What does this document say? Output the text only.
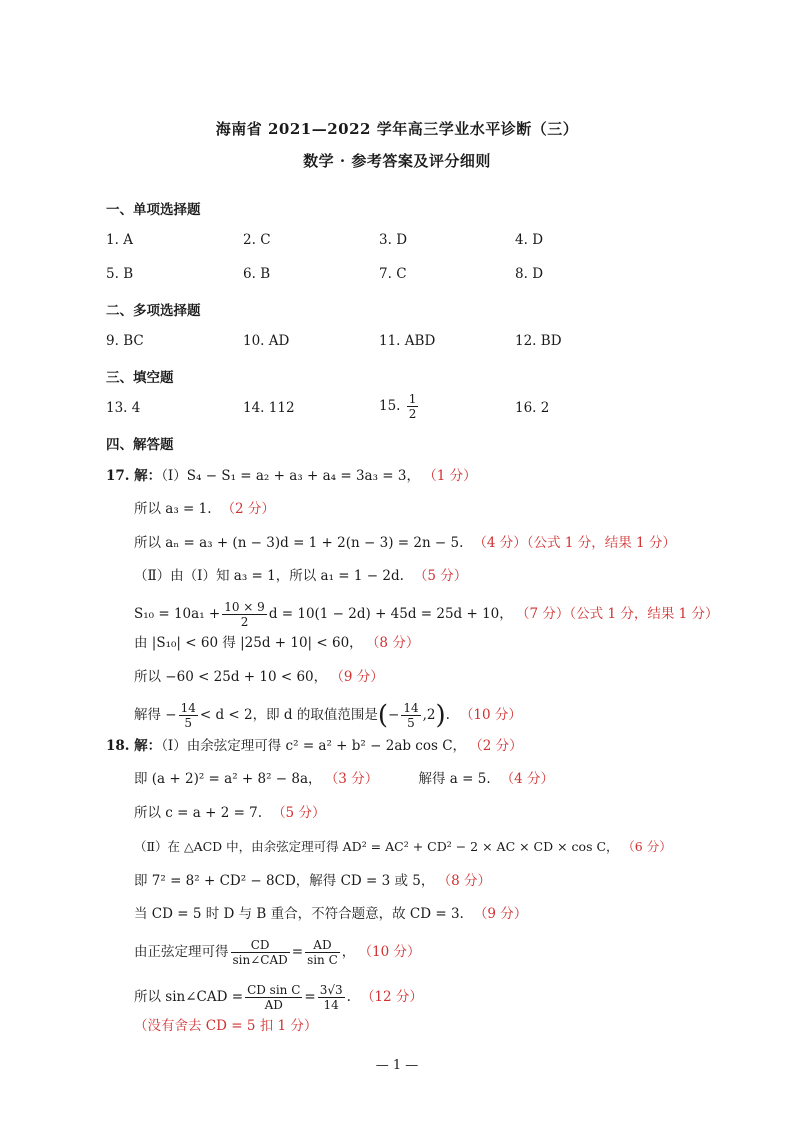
海南省 2021—2022 学年高三学业水平诊断（三）
数学 · 参考答案及评分细则
一、单项选择题
1. A	2. C	3. D	4. D
5. B	6. B	7. C	8. D
二、多项选择题
9. BC	10. AD	11. ABD	12. BD
三、填空题
13. 4	14. 112	15. $\frac{1}{2}$	16. 2
四、解答题
17. 解：（Ⅰ）S₄ − S₁ = a₂ + a₃ + a₄ = 3a₃ = 3， （1 分）
所以 a₃ = 1. （2 分）
所以 aₙ = a₃ + (n − 3)d = 1 + 2(n − 3) = 2n − 5. （4 分）（公式 1 分，结果 1 分）
（Ⅱ）由（Ⅰ）知 a₃ = 1，所以 a₁ = 1 − 2d. （5 分）
$S_{10} = 10a_1 + \frac{10 \times 9}{2}$ d = 10(1 − 2d) + 45d = 25d + 10， （7 分）（公式 1 分，结果 1 分）
由 |S₁₀| < 60 得 |25d + 10| < 60， （8 分）
所以 −60 < 25d + 10 < 60， （9 分）
解得 − $\frac{14}{5} < d < 2$，即 d 的取值范围是(− $\frac{14}{5} ,2$). （10 分）
18. 解：（Ⅰ）由余弦定理可得 c² = a² + b² − 2ab cos C， （2 分）
即 (a + 2)² = a² + 8² − 8a， （3 分）	解得 a = 5. （4 分）
所以 c = a + 2 = 7. （5 分）
（Ⅱ）在 △ACD 中，由余弦定理可得 AD² = AC² + CD² − 2 × AC × CD × cos C， （6 分）
即 7² = 8² + CD² − 8CD，解得 CD = 3 或 5， （8 分）
当 CD = 5 时 D 与 B 重合，不符合题意，故 CD = 3. （9 分）
由正弦定理可得 $\frac{CD}{\text{sin∠CAD}} = \frac{AD}{\text{sin C}}$ ， （10 分）
所以 sin∠CAD = $\frac{\text{CD sin C}}{AD} = \frac{3√3}{14}$ . （12 分）
（没有舍去 CD = 5 扣 1 分）
— 1 —
